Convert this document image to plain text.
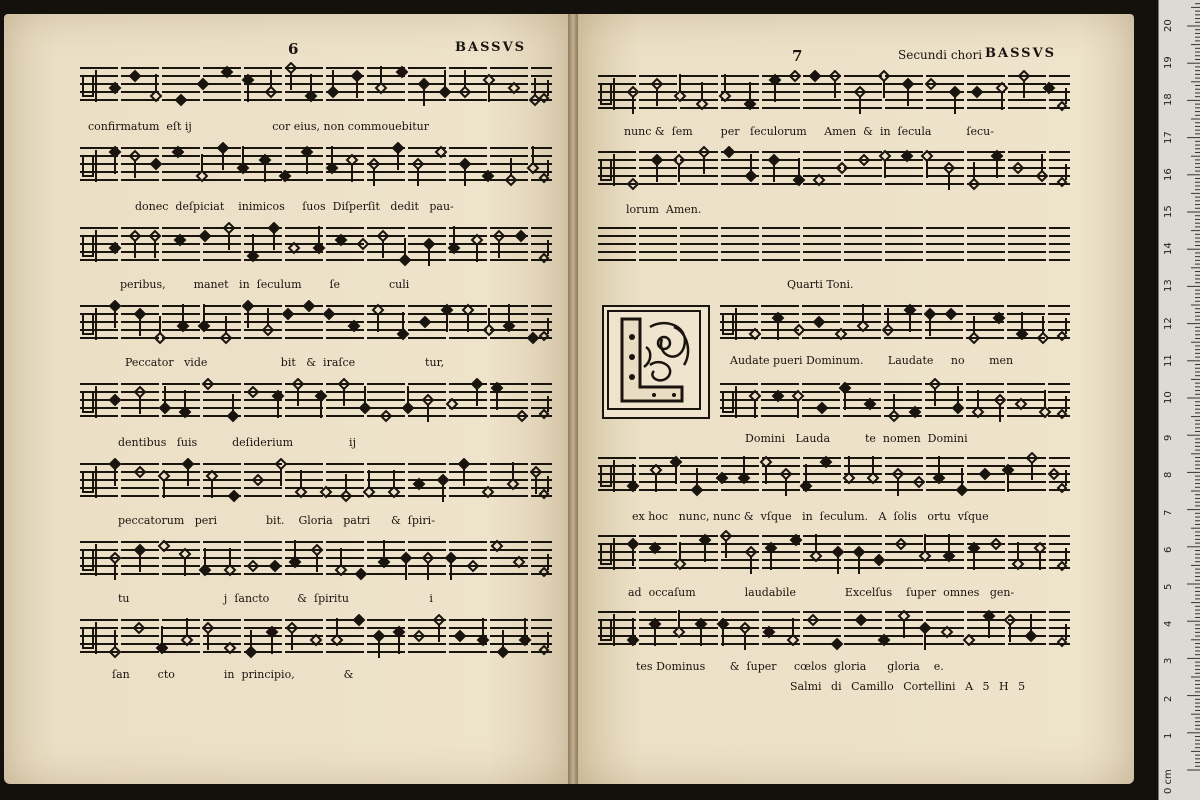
6	BASSVS	7	Secundi chori BASSVS
confirmatum  eſt ij                       cor eius, non commouebitur
donec  deſpiciat    inimicos     ſuos  Diſperſit   dedit   pau-
peribus,        manet   in  ſeculum        ſe              culi
Peccator   vide                     bit   &  iraſce                    tur,
dentibus   ſuis          deſiderium                ij
peccatorum   peri              bit.    Gloria   patri      &  ſpiri-
tu                           j  ſancto        &  ſpiritu                       i
ſan        cto              in  principio,              &
nunc &  ſem        per   ſeculorum     Amen  &  in  ſecula          ſecu-
lorum  Amen.
Quarti Toni.
Audate pueri Dominum.       Laudate     no       men
Domini   Lauda          te  nomen  Domini
ex hoc   nunc, nunc &  vſque   in  ſeculum.   A  ſolis   ortu  vſque
ad  occaſum              laudabile              Excelſus    ſuper  omnes   gen-
tes Dominus       &  ſuper     cœlos  gloria      gloria    e.
Salmi di Camillo Cortellini A 5 H 5
0 cm
1
2
3
4
5
6
7
8
9
10
11
12
13
14
15
16
17
18
19
20
